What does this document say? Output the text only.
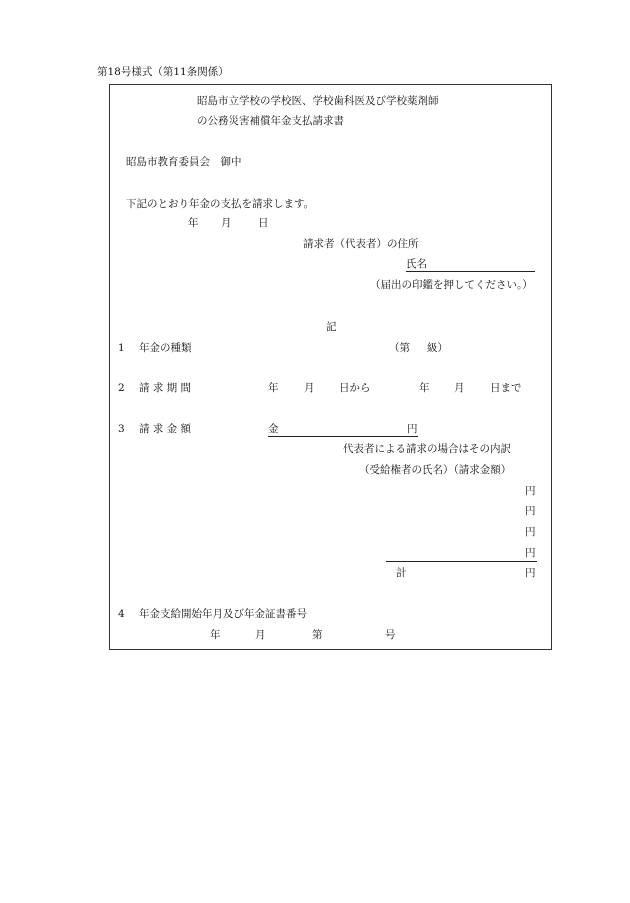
第18号様式（第11条関係）
昭島市立学校の学校医、学校歯科医及び学校薬剤師
の公務災害補償年金支払請求書
昭島市教育委員会　御中
下記のとおり年金の支払を請求します。
年 月	日
請求者（代表者）の住所
氏名
（届出の印鑑を押してください。）
記
1 年金の種類	（第 級）
2 請 求 期 間	年 月 日から	年 月 日まで
3 請 求 金 額	金	円
代表者による請求の場合はその内訳
（受給権者の氏名）（請求金額）
円
円
円
円
計	円
4 年金支給開始年月及び年金証書番号
年	月	第	号
